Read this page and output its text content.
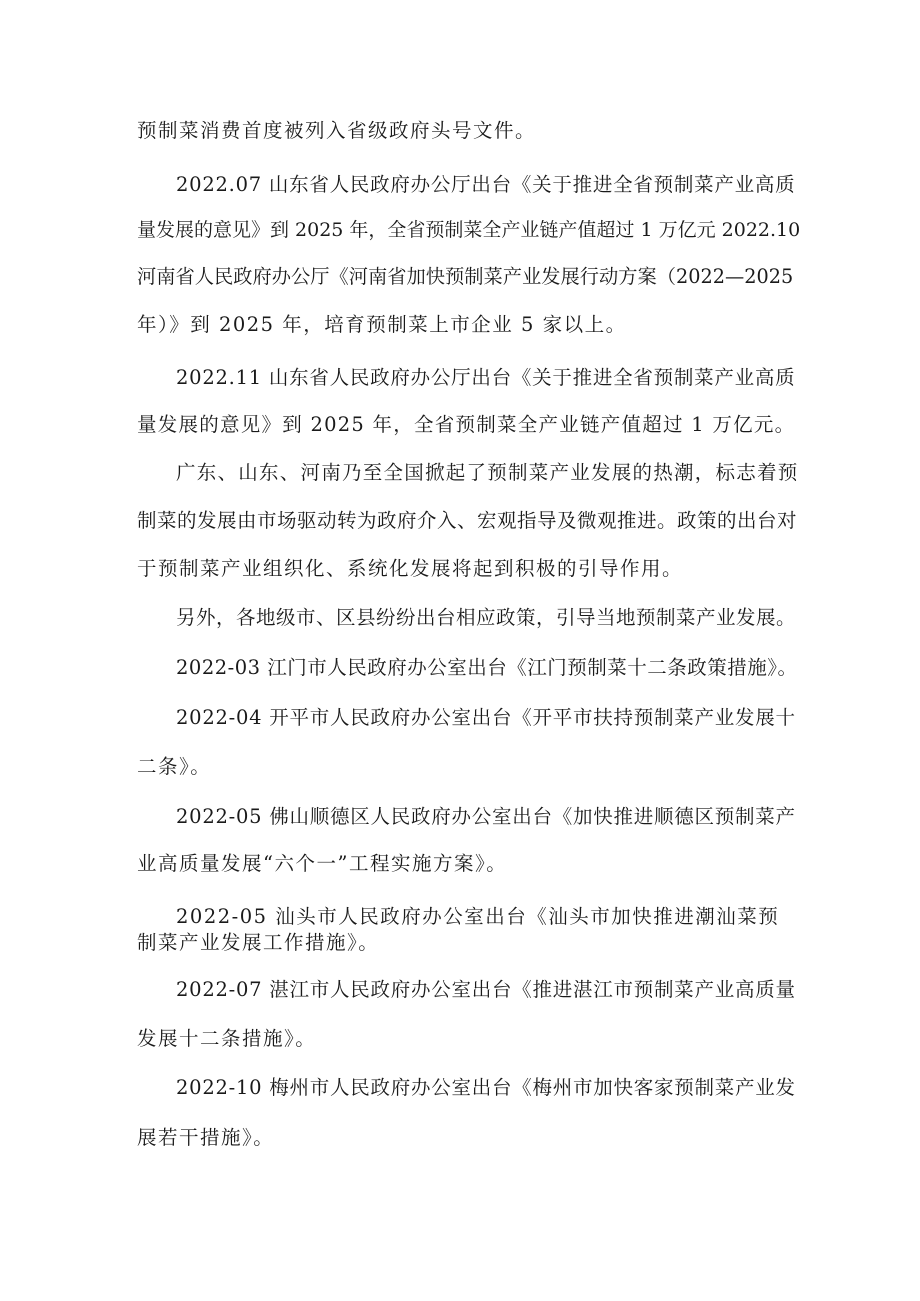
预制菜消费首度被列入省级政府头号文件。
2022.07 山东省人民政府办公厅出台《关于推进全省预制菜产业高质
量发展的意见》到 2025 年，全省预制菜全产业链产值超过 1 万亿元 2022.10
河南省人民政府办公厅《河南省加快预制菜产业发展行动方案（2022—2025
年）》到 2025 年，培育预制菜上市企业 5 家以上。
2022.11 山东省人民政府办公厅出台《关于推进全省预制菜产业高质
量发展的意见》到 2025 年，全省预制菜全产业链产值超过 1 万亿元。
广东、山东、河南乃至全国掀起了预制菜产业发展的热潮，标志着预
制菜的发展由市场驱动转为政府介入、宏观指导及微观推进。政策的出台对
于预制菜产业组织化、系统化发展将起到积极的引导作用。
另外，各地级市、区县纷纷出台相应政策，引导当地预制菜产业发展。
2022-03 江门市人民政府办公室出台《江门预制菜十二条政策措施》。
2022-04 开平市人民政府办公室出台《开平市扶持预制菜产业发展十
二条》。
2022-05 佛山顺德区人民政府办公室出台《加快推进顺德区预制菜产
业高质量发展“六个一”工程实施方案》。
2022-05 汕头市人民政府办公室出台《汕头市加快推进潮汕菜预
制菜产业发展工作措施》。
2022-07 湛江市人民政府办公室出台《推进湛江市预制菜产业高质量
发展十二条措施》。
2022-10 梅州市人民政府办公室出台《梅州市加快客家预制菜产业发
展若干措施》。
